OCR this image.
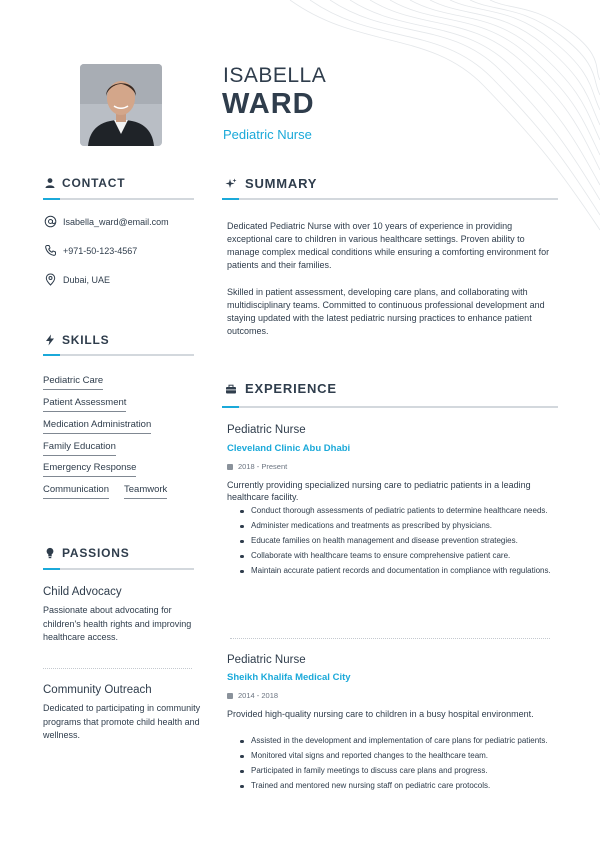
ISABELLA
WARD
Pediatric Nurse
CONTACT
Isabella_ward@email.com
+971-50-123-4567
Dubai, UAE
SKILLS
Pediatric Care
Patient Assessment
Medication Administration
Family Education
Emergency Response
Communication Teamwork
PASSIONS
Child Advocacy
Passionate about advocating for children's health rights and improving healthcare access.
Community Outreach
Dedicated to participating in community programs that promote child health and wellness.
SUMMARY
Dedicated Pediatric Nurse with over 10 years of experience in providing exceptional care to children in various healthcare settings. Proven ability to manage complex medical conditions while ensuring a comforting environment for patients and their families.
Skilled in patient assessment, developing care plans, and collaborating with multidisciplinary teams. Committed to continuous professional development and staying updated with the latest pediatric nursing practices to enhance patient outcomes.
EXPERIENCE
Pediatric Nurse
Cleveland Clinic Abu Dhabi
2018 - Present
Currently providing specialized nursing care to pediatric patients in a leading healthcare facility.
Conduct thorough assessments of pediatric patients to determine healthcare needs.
Administer medications and treatments as prescribed by physicians.
Educate families on health management and disease prevention strategies.
Collaborate with healthcare teams to ensure comprehensive patient care.
Maintain accurate patient records and documentation in compliance with regulations.
Pediatric Nurse
Sheikh Khalifa Medical City
2014 - 2018
Provided high-quality nursing care to children in a busy hospital environment.
Assisted in the development and implementation of care plans for pediatric patients.
Monitored vital signs and reported changes to the healthcare team.
Participated in family meetings to discuss care plans and progress.
Trained and mentored new nursing staff on pediatric care protocols.
